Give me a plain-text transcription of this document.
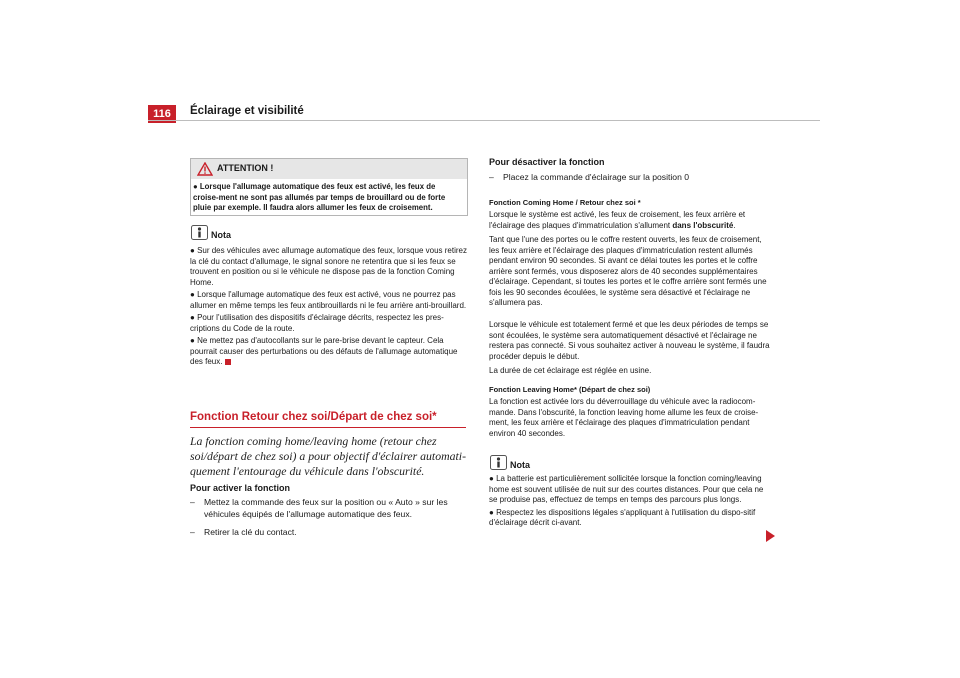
116	Éclairage et visibilité
ATTENTION !
● Lorsque l'allumage automatique des feux est activé, les feux de croise-ment ne sont pas allumés par temps de brouillard ou de forte pluie par exemple. Il faudra alors allumer les feux de croisement.
Nota
● Sur des véhicules avec allumage automatique des feux, lorsque vous retirez la clé du contact d'allumage, le signal sonore ne retentira que si les feux se trouvent en position ou si le véhicule ne dispose pas de la fonction Coming Home.
● Lorsque l'allumage automatique des feux est activé, vous ne pourrez pas allumer en même temps les feux antibrouillards ni le feu arrière anti-brouillard.
● Pour l'utilisation des dispositifs d'éclairage décrits, respectez les pres-criptions du Code de la route.
● Ne mettez pas d'autocollants sur le pare-brise devant le capteur. Cela pourrait causer des perturbations ou des défauts de l'allumage automatique des feux.
Fonction Retour chez soi/Départ de chez soi*
La fonction coming home/leaving home (retour chez soi/départ de chez soi) a pour objectif d'éclairer automati-quement l'entourage du véhicule dans l'obscurité.
Pour activer la fonction
–	Mettez la commande des feux sur la position ou « Auto » sur les véhicules équipés de l'allumage automatique des feux.
–	Retirer la clé du contact.
Pour désactiver la fonction
–	Placez la commande d'éclairage sur la position 0
Fonction Coming Home / Retour chez soi *
Lorsque le système est activé, les feux de croisement, les feux arrière et l'éclairage des plaques d'immatriculation s'allument dans l'obscurité.
Tant que l'une des portes ou le coffre restent ouverts, les feux de croisement, les feux arrière et l'éclairage des plaques d'immatriculation restent allumés pendant environ 90 secondes. Si avant ce délai toutes les portes et le coffre arrière sont fermés, vous disposerez alors de 40 secondes supplémentaires d'éclairage. Cependant, si toutes les portes et le coffre arrière sont fermés une fois les 90 secondes écoulées, le système sera désactivé et l'éclairage ne s'allumera pas.
Lorsque le véhicule est totalement fermé et que les deux périodes de temps se sont écoulées, le système sera automatiquement désactivé et l'éclairage ne restera pas connecté. Si vous souhaitez activer à nouveau le système, il faudra procéder depuis le début.
La durée de cet éclairage est réglée en usine.
Fonction Leaving Home* (Départ de chez soi)
La fonction est activée lors du déverrouillage du véhicule avec la radiocom-mande. Dans l'obscurité, la fonction leaving home allume les feux de croise-ment, les feux arrière et l'éclairage des plaques d'immatriculation pendant environ 40 secondes.
Nota
● La batterie est particulièrement sollicitée lorsque la fonction coming/leaving home est souvent utilisée de nuit sur des courtes distances. Pour que cela ne se produise pas, effectuez de temps en temps des parcours plus longs.
● Respectez les dispositions légales s'appliquant à l'utilisation du dispo-sitif d'éclairage décrit ci-avant.
